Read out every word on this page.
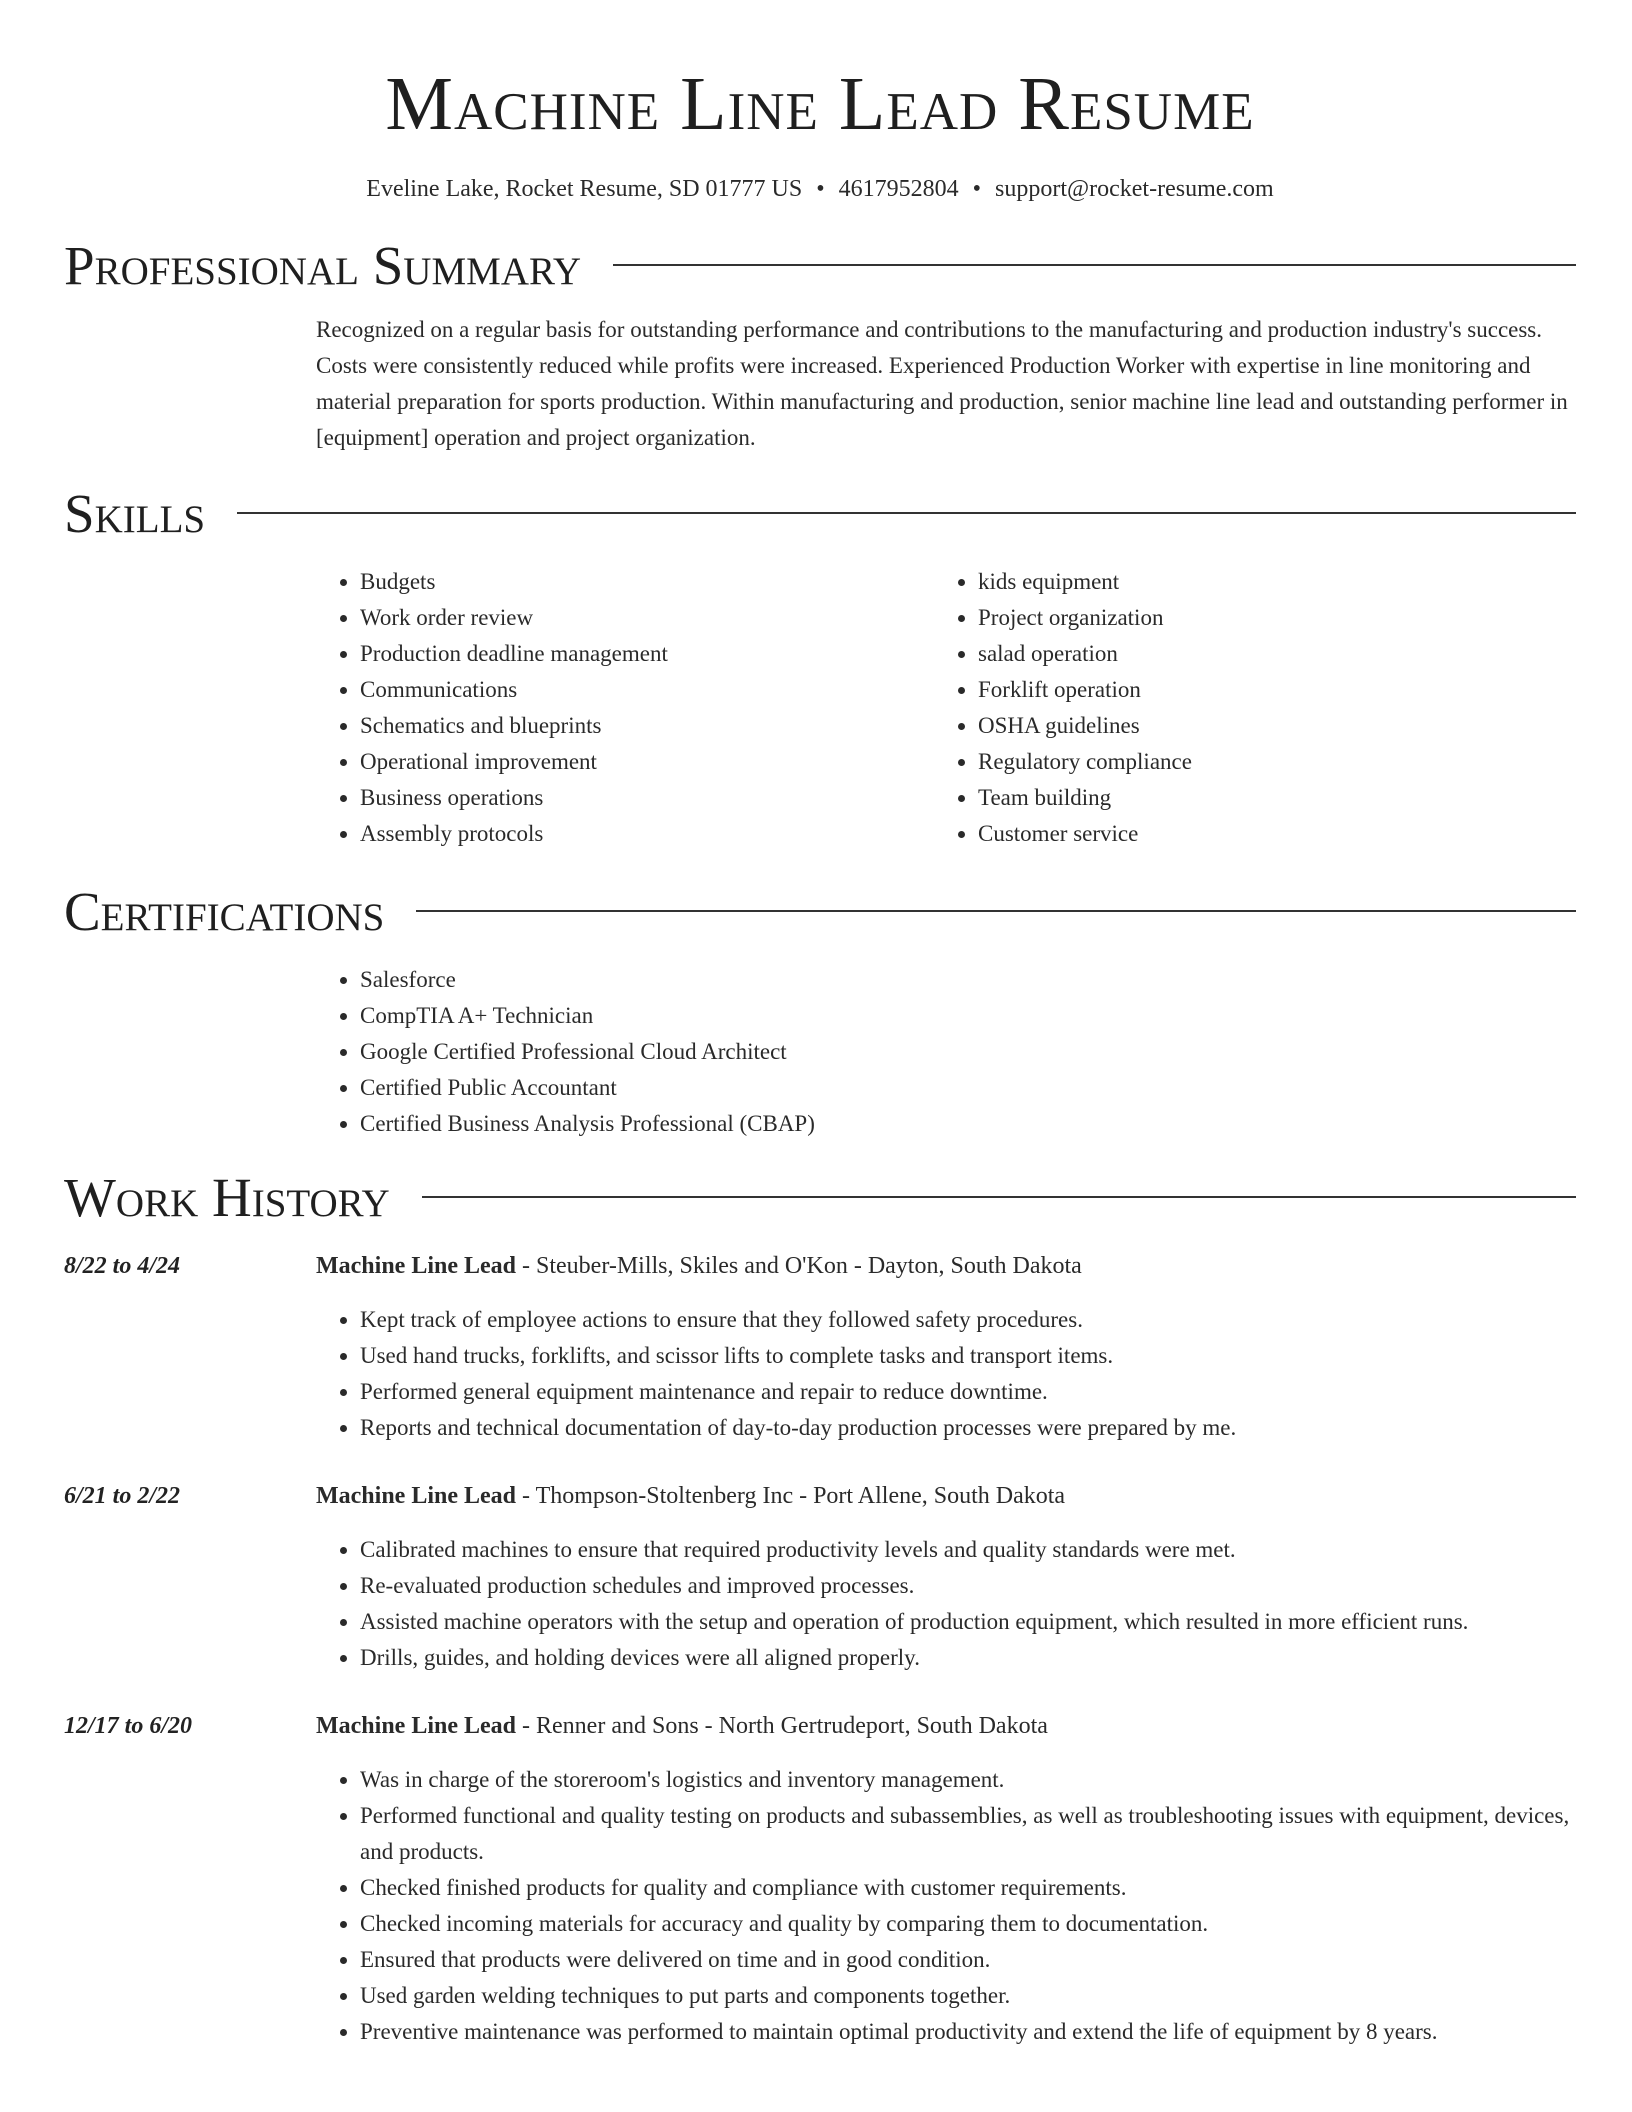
Machine Line Lead Resume
Eveline Lake, Rocket Resume, SD 01777 US • 4617952804 • support@rocket-resume.com
Professional Summary

Recognized on a regular basis for outstanding performance and contributions to the manufacturing and production industry's success. Costs were consistently reduced while profits were increased. Experienced Production Worker with expertise in line monitoring and material preparation for sports production. Within manufacturing and production, senior machine line lead and outstanding performer in [equipment] operation and project organization.

Skills
• Budgets
• Work order review
• Production deadline management
• Communications
• Schematics and blueprints
• Operational improvement
• Business operations
• Assembly protocols
• kids equipment
• Project organization
• salad operation
• Forklift operation
• OSHA guidelines
• Regulatory compliance
• Team building
• Customer service
Certifications
• Salesforce
• CompTIA A+ Technician
• Google Certified Professional Cloud Architect
• Certified Public Accountant
• Certified Business Analysis Professional (CBAP)
Work History
8/22 to 4/24	Machine Line Lead - Steuber-Mills, Skiles and O'Kon - Dayton, South Dakota
• Kept track of employee actions to ensure that they followed safety procedures.
• Used hand trucks, forklifts, and scissor lifts to complete tasks and transport items.
• Performed general equipment maintenance and repair to reduce downtime.
• Reports and technical documentation of day-to-day production processes were prepared by me.
6/21 to 2/22	Machine Line Lead - Thompson-Stoltenberg Inc - Port Allene, South Dakota
• Calibrated machines to ensure that required productivity levels and quality standards were met.
• Re-evaluated production schedules and improved processes.
• Assisted machine operators with the setup and operation of production equipment, which resulted in more efficient runs.
• Drills, guides, and holding devices were all aligned properly.
12/17 to 6/20	Machine Line Lead - Renner and Sons - North Gertrudeport, South Dakota
• Was in charge of the storeroom's logistics and inventory management.
• Performed functional and quality testing on products and subassemblies, as well as troubleshooting issues with equipment, devices, and products.
• Checked finished products for quality and compliance with customer requirements.
• Checked incoming materials for accuracy and quality by comparing them to documentation.
• Ensured that products were delivered on time and in good condition.
• Used garden welding techniques to put parts and components together.
• Preventive maintenance was performed to maintain optimal productivity and extend the life of equipment by 8 years.
